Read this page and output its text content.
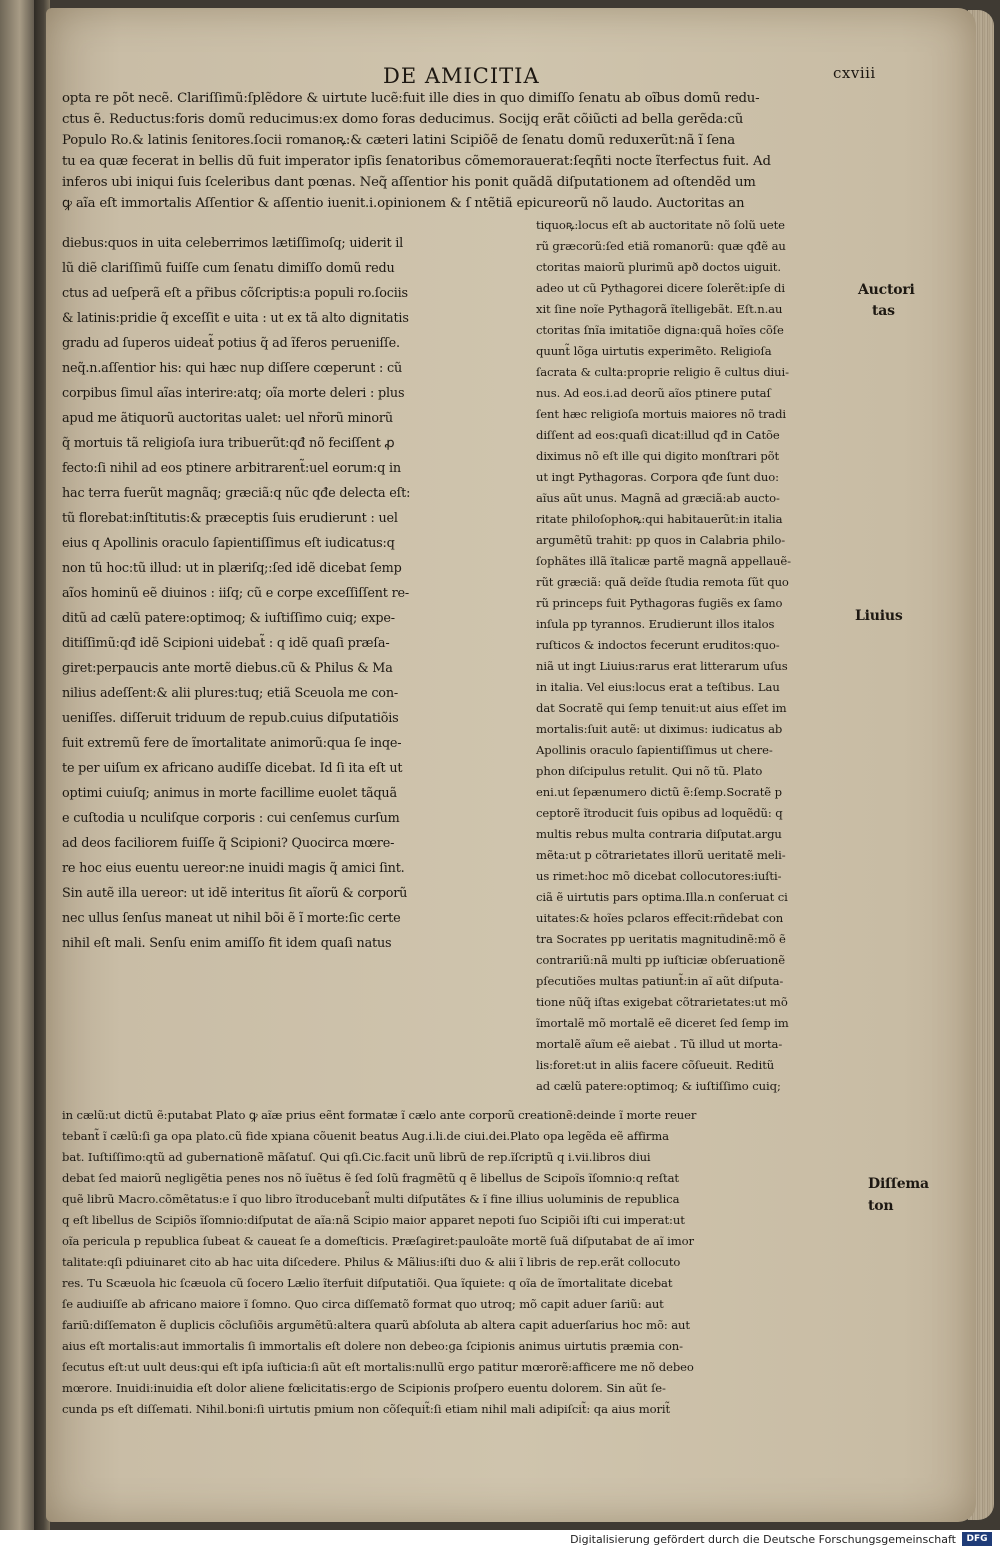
DE AMICITIA	cxviii
opta re põt necẽ. Clariſſimũ:ſplẽdore & uirtute lucẽ:fuit ille dies in quo dimiſſo ſenatu ab oĩbus domũ redu-
ctus ẽ. Reductus:foris domũ reducimus:ex domo foras deducimus. Socijq erãt cõiũcti ad bella gerẽda:cũ
Populo Ro.& latinis ſenitores.ſocii romanoꝶ:& cæteri latini Scipiõẽ de ſenatu domũ reduxerũt:nã ĩ ſena
tu ea quæ fecerat in bellis dũ fuit imperator ipſis ſenatoribus cõmemorauerat:ſeqñti nocte ĩterfectus fuit. Ad
inferos ubi iniqui ſuis ſceleribus dant pœnas. Neq̃ aſſentior his ponit quãdã diſputationem ad oſtendẽd um
ꝙ aĩa eſt immortalis Aſſentior & aſſentio iuenit.i.opinionem & ſ ntẽtiã epicureorũ nõ laudo. Auctoritas an
diebus:quos in uita celeberrimos lætiſſimoſq; uiderit il
lũ diẽ clariſſimũ fuiſſe cum ſenatu dimiſſo domũ redu
ctus ad ueſperã eſt a pr̃ibus cõſcriptis:a populi ro.ſociis
& latinis:pridie q̃ exceſſit e uita : ut ex tã alto dignitatis
gradu ad ſuperos uideat̃ potius q̃ ad ĩferos perueniſſe.
neq̃.n.aſſentior his: qui hæc nup diſſere cœperunt : cũ
corpibus ſimul aĩas interire:atq; oĩa morte deleri : plus
apud me ãtiquorũ auctoritas ualet: uel nr̃orũ minorũ
q̃ mortuis tã religioſa iura tribuerũt:qđ nõ feciſſent ꝓ
fecto:ſi nihil ad eos ptinere arbitrarent̃:uel eorum:q in
hac terra fuerũt magnãq; græciã:q nũc qđe delecta eſt:
tũ florebat:inſtitutis:& præceptis ſuis erudierunt : uel
eius q Apollinis oraculo ſapientiſſimus eſt iudicatus:q
non tũ hoc:tũ illud: ut in plæriſq;:ſed idẽ dicebat ſemp
aĩos hominũ eẽ diuinos : iiſq; cũ e corpe exceſſiſſent re-
ditũ ad cælũ patere:optimoq; & iuſtiſſimo cuiq; expe-
ditiſſimũ:qđ idẽ Scipioni uidebat̃ : q idẽ quaſi præſa-
giret:perpaucis ante mortẽ diebus.cũ & Philus & Ma
nilius adeſſent:& alii plures:tuq; etiã Sceuola me con-
ueniſſes. diſſeruit triduum de repub.cuius diſputatiõis
fuit extremũ fere de ĩmortalitate animorũ:qua ſe inqe-
te per uiſum ex africano audiſſe dicebat. Id ſi ita eſt ut
optimi cuiuſq; animus in morte facillime euolet tãquã
e cuſtodia u nculiſque corporis : cui cenſemus curſum
ad deos faciliorem fuiſſe q̃ Scipioni? Quocirca mœre-
re hoc eius euentu uereor:ne inuidi magis q̃ amici ſint.
Sin autẽ illa uereor: ut idẽ interitus ſit aĩorũ & corporũ
nec ullus ſenſus maneat ut nihil bõi ẽ ĩ morte:ſic certe
nihil eſt mali. Senſu enim amiſſo fit idem quaſi natus
tiquoꝶ:locus eſt ab auctoritate nõ ſolũ uete
rũ græcorũ:ſed etiã romanorũ: quæ qđẽ au
ctoritas maiorũ plurimũ apð doctos uiguit.
adeo ut cũ Pythagorei dicere ſolerẽt:ipſe di
xit ſine noĩe Pythagorã ĩtelligebãt. Eſt.n.au
ctoritas ſnĩa imitatiõe digna:quã hoĩes cõſe
quunt̃ lõga uirtutis experimẽto. Religioſa
ſacrata & culta:proprie religio ẽ cultus diui-
nus. Ad eos.i.ad deorũ aĩos ptinere putaſ
ſent hæc religioſa mortuis maiores nõ tradi
diſſent ad eos:quaſi dicat:illud qđ in Catõe
diximus nõ eſt ille qui digito monſtrari põt
ut ingt Pythagoras. Corpora qđe ſunt duo:
aĩus aũt unus. Magnã ad græciã:ab aucto-
ritate philoſophoꝶ:qui habitauerũt:in italia
argumẽtũ trahit: pp quos in Calabria philo-
ſophãtes illã ĩtalicæ partẽ magnã appellauẽ-
rũt græciã: quã deĩde ſtudia remota ſũt quo
rũ princeps fuit Pythagoras fugiẽs ex ſamo
inſula pp tyrannos. Erudierunt illos italos
ruſticos & indoctos fecerunt eruditos:quo-
niã ut ingt Liuius:rarus erat litterarum uſus
in italia. Vel eius:locus erat a teſtibus. Lau
dat Socratẽ qui ſemp tenuit:ut aius eſſet im
mortalis:ſuit autẽ: ut diximus: iudicatus ab
Apollinis oraculo ſapientiſſimus ut chere-
phon diſcipulus retulit. Qui nõ tũ. Plato
eni.ut ſepænumero dictũ ẽ:ſemp.Socratẽ p
ceptorẽ ĩtroducit ſuis opibus ad loquẽdũ: q
multis rebus multa contraria diſputat.argu
mẽta:ut p cõtrarietates illorũ ueritatẽ meli-
us rimet:hoc mõ dicebat collocutores:iuſti-
ciã ẽ uirtutis pars optima.Illa.n conſeruat ci
uitates:& hoĩes pclaros effecit:rñdebat con
tra Socrates pp ueritatis magnitudinẽ:mõ ẽ
contrariũ:nã multi pp iuſticiæ obſeruationẽ
pſecutiões multas patiunt̃:in aĩ aũt diſputa-
tione nũq̃ iſtas exigebat cõtrarietates:ut mõ
ĩmortalẽ mõ mortalẽ eẽ diceret ſed ſemp im
mortalẽ aĩum eẽ aiebat . Tũ illud ut morta-
lis:foret:ut in aliis facere cõſueuit. Reditũ
ad cælũ patere:optimoq; & iuſtiſſimo cuiq;
in cælũ:ut dictũ ẽ:putabat Plato ꝙ aĩæ prius eẽnt formatæ ĩ cælo ante corporũ creationẽ:deinde ĩ morte reuer
tebant̃ ĩ cælũ:ſi ga opa plato.cũ fide xpiana cõuenit beatus Aug.i.li.de ciui.dei.Plato opa legẽda eẽ affirma
bat. Iuſtiſſimo:qtũ ad gubernationẽ mãſatuſ. Qui qſi.Cic.facit unũ librũ de rep.ĩſcriptũ q i.vii.libros diui
debat ſed maiorũ negligẽtia penes nos nõ ĩuẽtus ẽ ſed ſolũ fragmẽtũ q ẽ libellus de Scipoĩs ĩſomnio:q reſtat
quẽ librũ Macro.cõmẽtatus:e ĩ quo libro ĩtroducebant̃ multi diſputãtes & ĩ fine illius uoluminis de republica
q eſt libellus de Scipiõs ĩſomnio:diſputat de aĩa:nã Scipio maior apparet nepoti ſuo Scipiõi iſti cui imperat:ut
oĩa pericula p republica ſubeat & caueat ſe a domeſticis. Præſagiret:pauloãte mortẽ ſuã diſputabat de aĩ imor
talitate:qſi pdiuinaret cito ab hac uita diſcedere. Philus & Mãlius:iſti duo & alii ĩ libris de rep.erãt collocuto
res. Tu Scæuola hic ſcæuola cũ ſocero Lælio ĩterfuit diſputatiõi. Qua ĩquiete: q oĩa de ĩmortalitate dicebat
ſe audiuiſſe ab africano maiore ĩ ſomno. Quo circa diſſematõ format quo utroq; mõ capit aduer ſariũ: aut
fariũ:diſſematon ẽ duplicis cõcluſiõis argumẽtũ:altera quarũ abſoluta ab altera capit aduerſarius hoc mõ: aut
aius eſt mortalis:aut immortalis ſi immortalis eſt dolere non debeo:ga ſcipionis animus uirtutis præmia con-
ſecutus eſt:ut uult deus:qui eſt ipſa iuſticia:ſi aũt eſt mortalis:nullũ ergo patitur mœrorẽ:afficere me nõ debeo
mœrore. Inuidi:inuidia eſt dolor aliene fœlicitatis:ergo de Scipionis proſpero euentu dolorem. Sin aũt ſe-
cunda ps eſt diſſemati. Nihil.boni:ſi uirtutis pmium non cõſequit̃:ſi etiam nihil mali adipiſcit̃: qa aius morit̃
Auctori
tas
Liuius
Diſſema
ton
Digitalisierung gefördert durch die Deutsche Forschungsgemeinschaft	DFG
